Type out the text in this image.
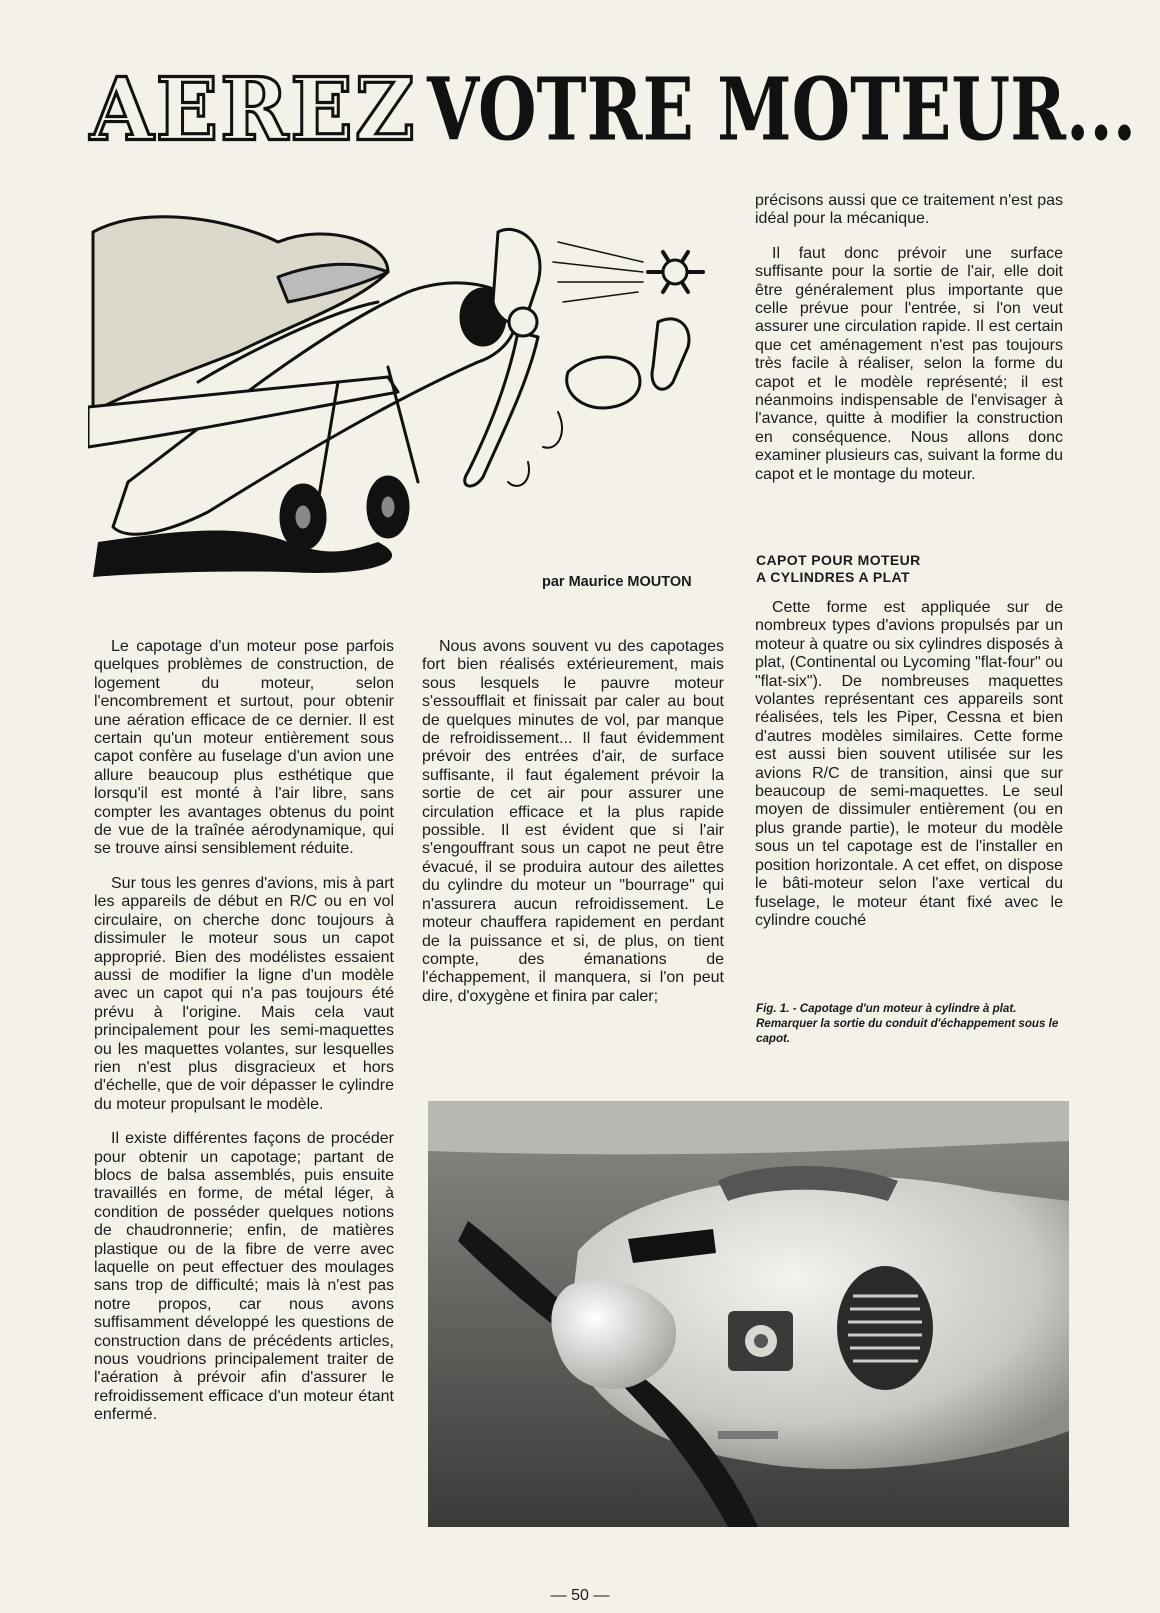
AEREZ VOTRE MOTEUR...
par Maurice MOUTON

Le capotage d'un moteur pose parfois quelques problèmes de construction, de logement du moteur, selon l'encombrement et surtout, pour obtenir une aération efficace de ce dernier. Il est certain qu'un moteur entièrement sous capot confère au fuselage d'un avion une allure beaucoup plus esthétique que lorsqu'il est monté à l'air libre, sans compter les avantages obtenus du point de vue de la traînée aérodynamique, qui se trouve ainsi sensiblement réduite.

Sur tous les genres d'avions, mis à part les appareils de début en R/C ou en vol circulaire, on cherche donc toujours à dissimuler le moteur sous un capot approprié. Bien des modélistes essaient aussi de modifier la ligne d'un modèle avec un capot qui n'a pas toujours été prévu à l'origine. Mais cela vaut principalement pour les semi-maquettes ou les maquettes volantes, sur lesquelles rien n'est plus disgracieux et hors d'échelle, que de voir dépasser le cylindre du moteur propulsant le modèle.

Il existe différentes façons de procéder pour obtenir un capotage; partant de blocs de balsa assemblés, puis ensuite travaillés en forme, de métal léger, à condition de posséder quelques notions de chaudronnerie; enfin, de matières plastique ou de la fibre de verre avec laquelle on peut effectuer des moulages sans trop de difficulté; mais là n'est pas notre propos, car nous avons suffisamment développé les questions de construction dans de précédents articles, nous voudrions principalement traiter de l'aération à prévoir afin d'assurer le refroidissement efficace d'un moteur étant enfermé.

Nous avons souvent vu des capotages fort bien réalisés extérieurement, mais sous lesquels le pauvre moteur s'essoufflait et finissait par caler au bout de quelques minutes de vol, par manque de refroidissement... Il faut évidemment prévoir des entrées d'air, de surface suffisante, il faut également prévoir la sortie de cet air pour assurer une circulation efficace et la plus rapide possible. Il est évident que si l'air s'engouffrant sous un capot ne peut être évacué, il se produira autour des ailettes du cylindre du moteur un "bourrage" qui n'assurera aucun refroidissement. Le moteur chauffera rapidement en perdant de la puissance et si, de plus, on tient compte, des émanations de l'échappement, il manquera, si l'on peut dire, d'oxygène et finira par caler;

précisons aussi que ce traitement n'est pas idéal pour la mécanique.

Il faut donc prévoir une surface suffisante pour la sortie de l'air, elle doit être généralement plus importante que celle prévue pour l'entrée, si l'on veut assurer une circulation rapide. Il est certain que cet aménagement n'est pas toujours très facile à réaliser, selon la forme du capot et le modèle représenté; il est néanmoins indispensable de l'envisager à l'avance, quitte à modifier la construction en conséquence. Nous allons donc examiner plusieurs cas, suivant la forme du capot et le montage du moteur.

CAPOT POUR MOTEUR
A CYLINDRES A PLAT

Cette forme est appliquée sur de nombreux types d'avions propulsés par un moteur à quatre ou six cylindres disposés à plat, (Continental ou Lycoming "flat-four" ou "flat-six"). De nombreuses maquettes volantes représentant ces appareils sont réalisées, tels les Piper, Cessna et bien d'autres modèles similaires. Cette forme est aussi bien souvent utilisée sur les avions R/C de transition, ainsi que sur beaucoup de semi-maquettes. Le seul moyen de dissimuler entièrement (ou en plus grande partie), le moteur du modèle sous un tel capotage est de l'installer en position horizontale. A cet effet, on dispose le bâti-moteur selon l'axe vertical du fuselage, le moteur étant fixé avec le cylindre couché

Fig. 1. - Capotage d'un moteur à cylindre à plat. Remarquer la sortie du conduit d'échappement sous le capot.
— 50 —
